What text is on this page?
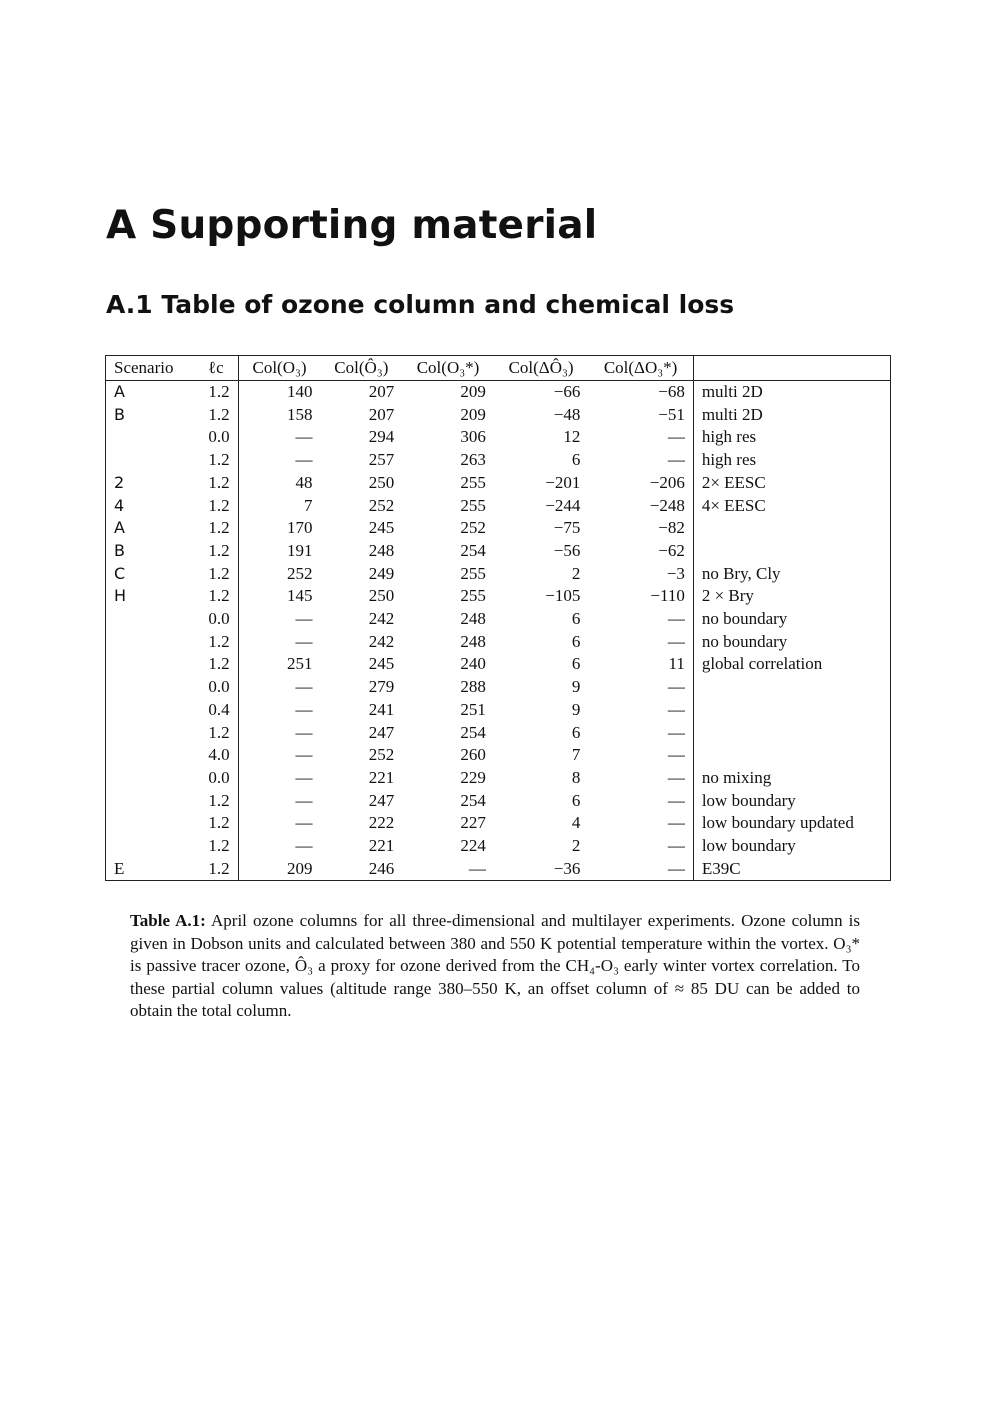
A Supporting material
A.1 Table of ozone column and chemical loss
Scenario	ℓc	Col(O₃)	Col(Ô₃)	Col(O₃*)	Col(ΔÔ₃)	Col(ΔO₃*)	
A	1.2	140	207	209	−66	−68	multi 2D
B	1.2	158	207	209	−48	−51	multi 2D
	0.0	—	294	306	12	—	high res
	1.2	—	257	263	6	—	high res
2	1.2	48	250	255	−201	−206	2× EESC
4	1.2	7	252	255	−244	−248	4× EESC
A	1.2	170	245	252	−75	−82	
B	1.2	191	248	254	−56	−62	
C	1.2	252	249	255	2	−3	no Bry, Cly
H	1.2	145	250	255	−105	−110	2 × Bry
	0.0	—	242	248	6	—	no boundary
	1.2	—	242	248	6	—	no boundary
	1.2	251	245	240	6	11	global correlation
	0.0	—	279	288	9	—	
	0.4	—	241	251	9	—	
	1.2	—	247	254	6	—	
	4.0	—	252	260	7	—	
	0.0	—	221	229	8	—	no mixing
	1.2	—	247	254	6	—	low boundary
	1.2	—	222	227	4	—	low boundary updated
	1.2	—	221	224	2	—	low boundary
E	1.2	209	246	—	−36	—	E39C

Table A.1: April ozone columns for all three-dimensional and multilayer experiments. Ozone column is given in Dobson units and calculated between 380 and 550 K potential temperature within the vortex. O₃* is passive tracer ozone, Ô₃ a proxy for ozone derived from the CH₄-O₃ early winter vortex correlation. To these partial column values (altitude range 380–550 K, an offset column of ≈ 85 DU can be added to obtain the total column.
